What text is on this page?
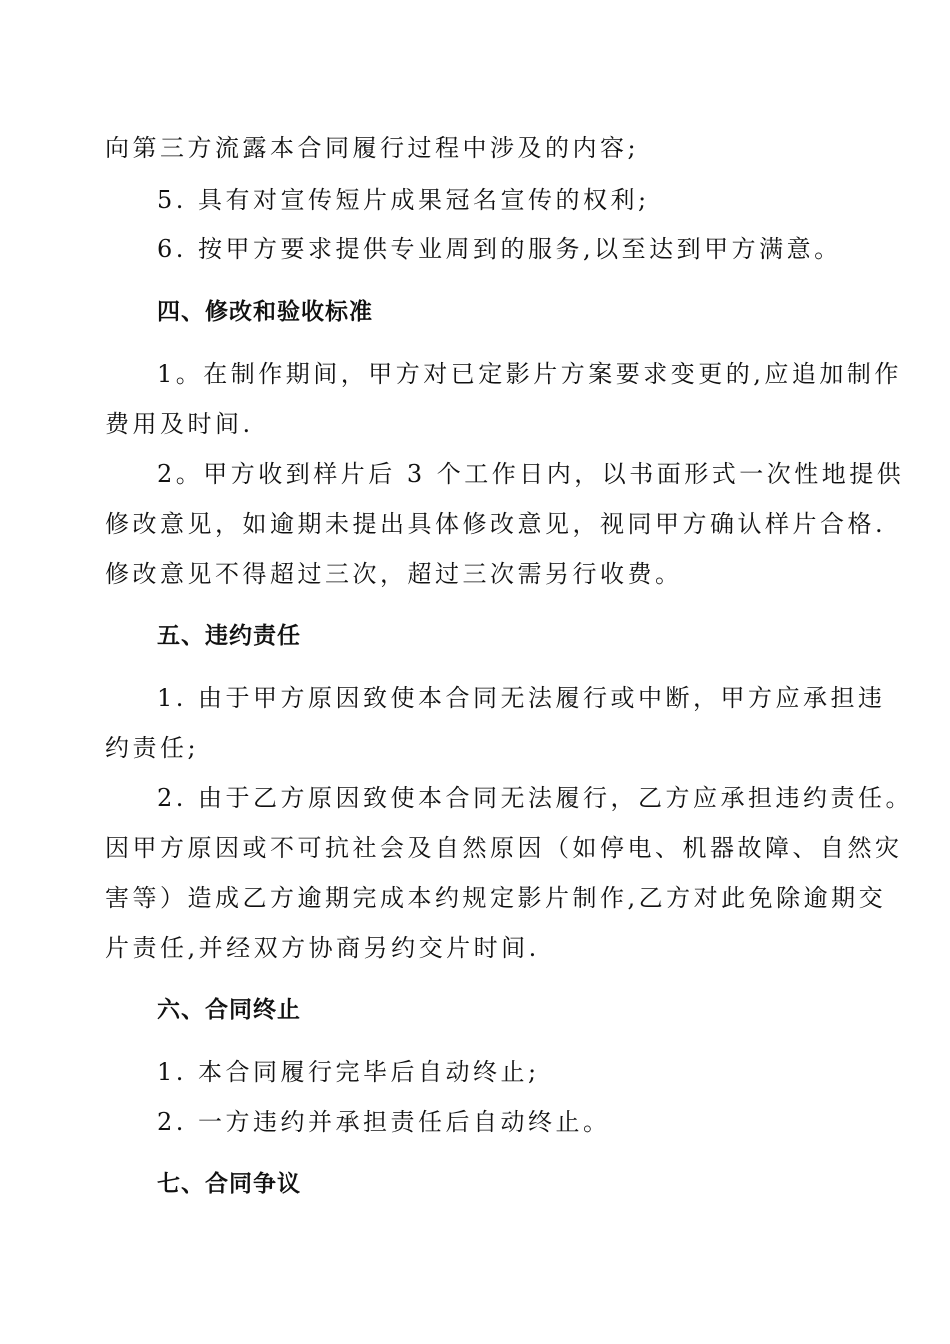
向第三方流露本合同履行过程中涉及的内容;
5. 具有对宣传短片成果冠名宣传的权利;
6. 按甲方要求提供专业周到的服务,以至达到甲方满意。
四、修改和验收标准
1。在制作期间，甲方对已定影片方案要求变更的,应追加制作
费用及时间.
2。甲方收到样片后 3 个工作日内，以书面形式一次性地提供
修改意见，如逾期未提出具体修改意见，视同甲方确认样片合格.
修改意见不得超过三次，超过三次需另行收费。
五、违约责任
1. 由于甲方原因致使本合同无法履行或中断，甲方应承担违
约责任;
2. 由于乙方原因致使本合同无法履行，乙方应承担违约责任。
因甲方原因或不可抗社会及自然原因（如停电、机器故障、自然灾
害等）造成乙方逾期完成本约规定影片制作,乙方对此免除逾期交
片责任,并经双方协商另约交片时间.
六、合同终止
1. 本合同履行完毕后自动终止;
2. 一方违约并承担责任后自动终止。
七、合同争议
